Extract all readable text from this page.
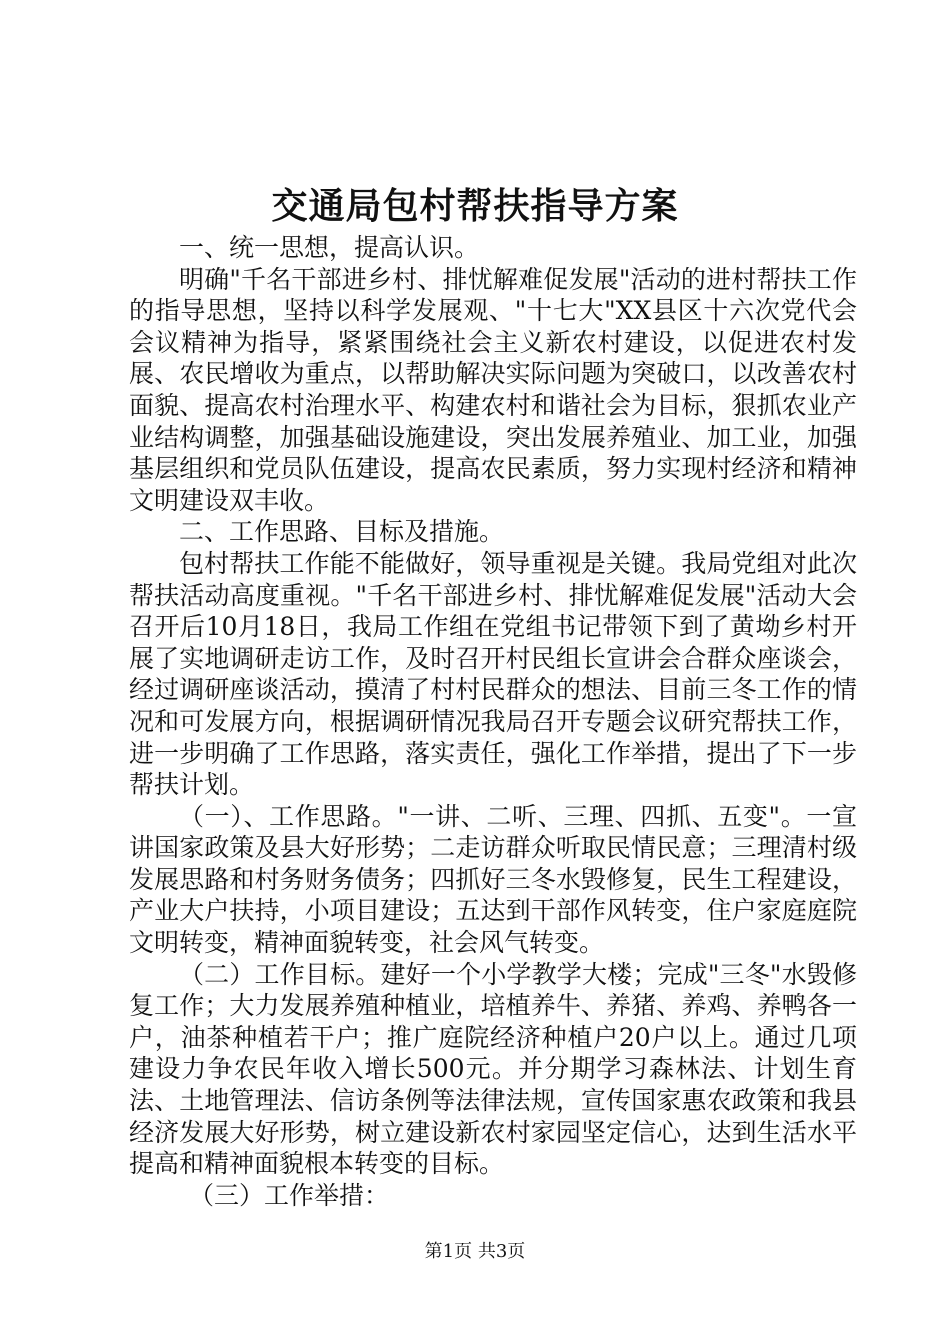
交通局包村帮扶指导方案

一、统一思想，提高认识。

明确"千名干部进乡村、排忧解难促发展"活动的进村帮扶工作的指导思想，坚持以科学发展观、"十七大"XX县区十六次党代会会议精神为指导，紧紧围绕社会主义新农村建设，以促进农村发展、农民增收为重点，以帮助解决实际问题为突破口，以改善农村面貌、提高农村治理水平、构建农村和谐社会为目标，狠抓农业产业结构调整，加强基础设施建设，突出发展养殖业、加工业，加强基层组织和党员队伍建设，提高农民素质，努力实现村经济和精神文明建设双丰收。

二、工作思路、目标及措施。

包村帮扶工作能不能做好，领导重视是关键。我局党组对此次帮扶活动高度重视。"千名干部进乡村、排忧解难促发展"活动大会召开后10月18日，我局工作组在党组书记带领下到了黄坳乡村开展了实地调研走访工作，及时召开村民组长宣讲会合群众座谈会，经过调研座谈活动，摸清了村村民群众的想法、目前三冬工作的情况和可发展方向，根据调研情况我局召开专题会议研究帮扶工作，进一步明确了工作思路，落实责任，强化工作举措，提出了下一步帮扶计划。

（一）、工作思路。"一讲、二听、三理、四抓、五变"。一宣讲国家政策及县大好形势；二走访群众听取民情民意；三理清村级发展思路和村务财务债务；四抓好三冬水毁修复，民生工程建设，产业大户扶持，小项目建设；五达到干部作风转变，住户家庭庭院文明转变，精神面貌转变，社会风气转变。

（二）工作目标。建好一个小学教学大楼；完成"三冬"水毁修复工作；大力发展养殖种植业，培植养牛、养猪、养鸡、养鸭各一户，油茶种植若干户；推广庭院经济种植户20户以上。通过几项建设力争农民年收入增长500元。并分期学习森林法、计划生育法、土地管理法、信访条例等法律法规，宣传国家惠农政策和我县经济发展大好形势，树立建设新农村家园坚定信心，达到生活水平提高和精神面貌根本转变的目标。

（三）工作举措：

第1页 共3页
